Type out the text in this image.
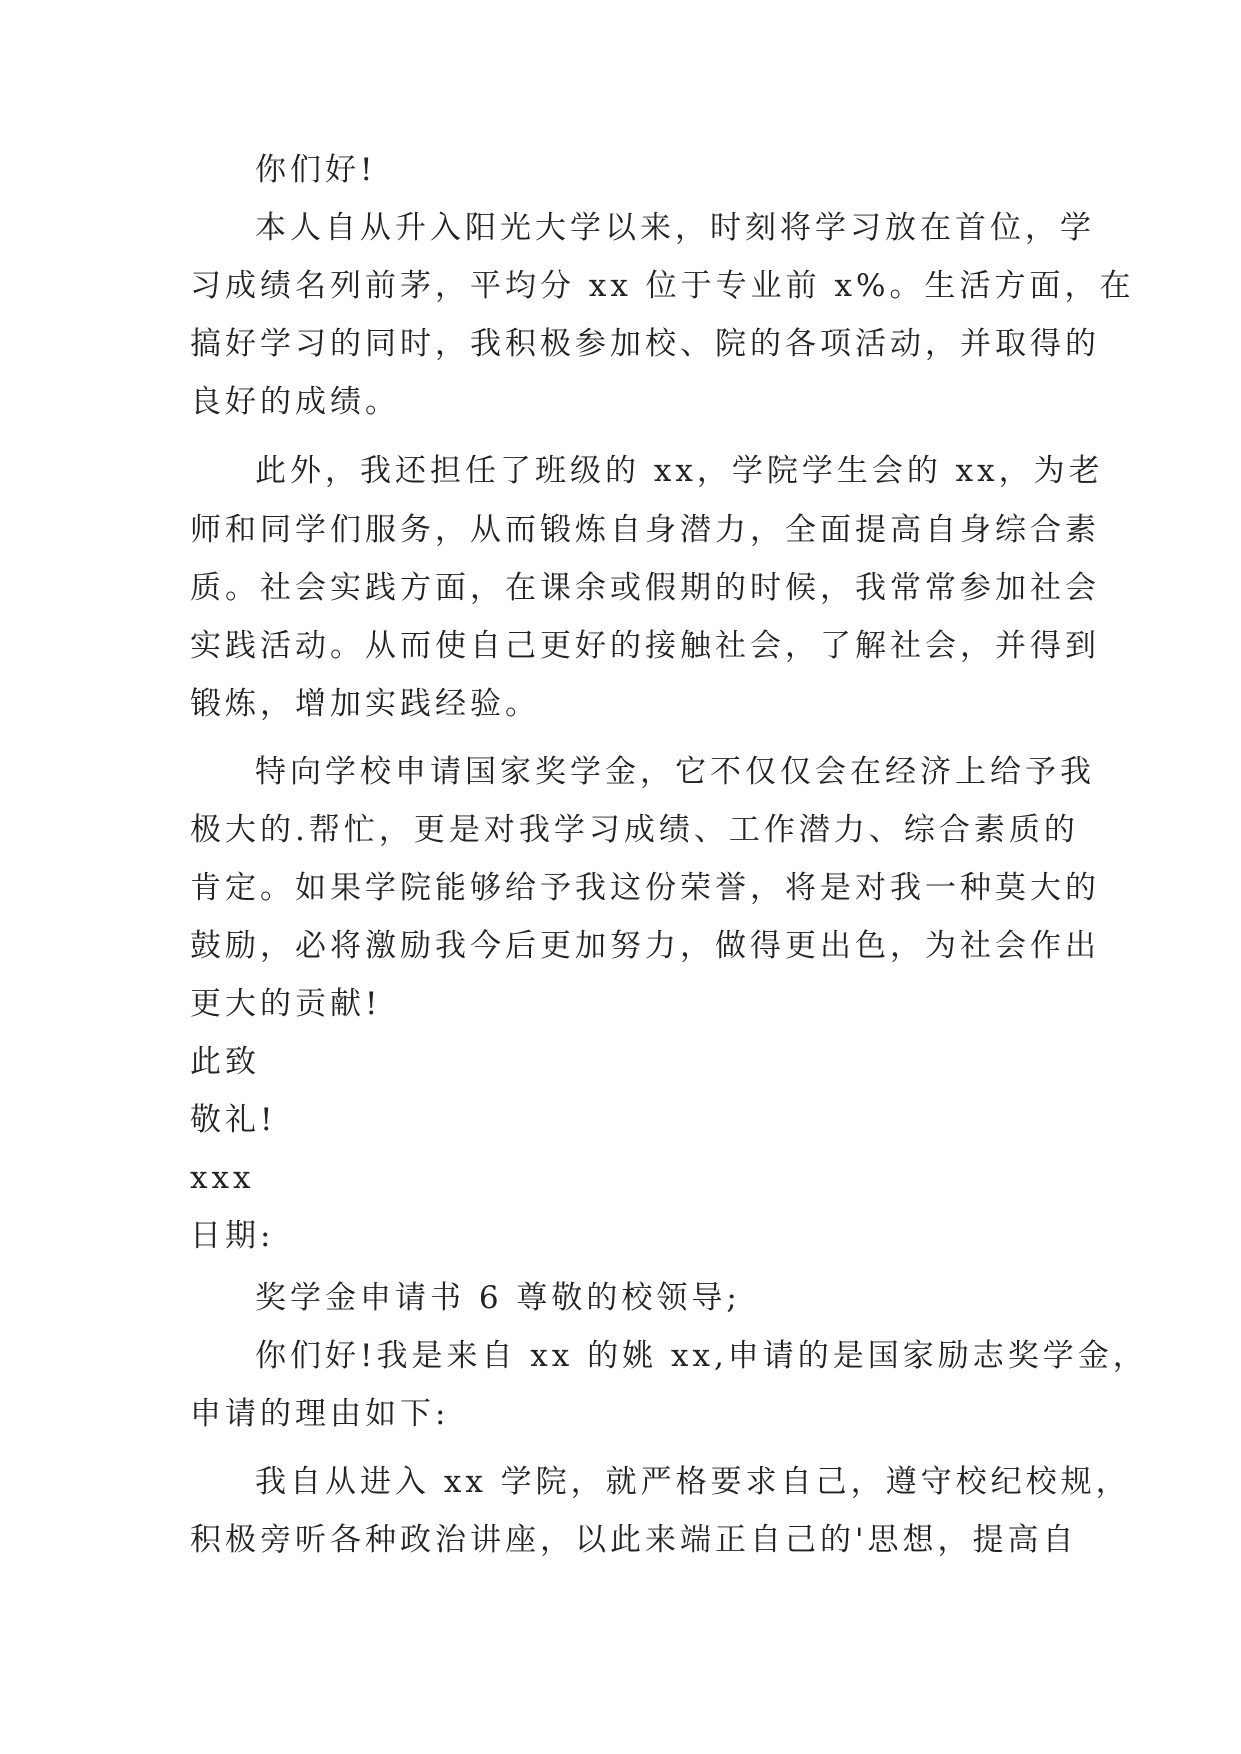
你们好!
本人自从升入阳光大学以来，时刻将学习放在首位，学
习成绩名列前茅，平均分 xx 位于专业前 x%。生活方面，在
搞好学习的同时，我积极参加校、院的各项活动，并取得的
良好的成绩。
此外，我还担任了班级的 xx，学院学生会的 xx，为老
师和同学们服务，从而锻炼自身潜力，全面提高自身综合素
质。社会实践方面，在课余或假期的时候，我常常参加社会
实践活动。从而使自己更好的接触社会，了解社会，并得到
锻炼，增加实践经验。
特向学校申请国家奖学金，它不仅仅会在经济上给予我
极大的.帮忙，更是对我学习成绩、工作潜力、综合素质的
肯定。如果学院能够给予我这份荣誉，将是对我一种莫大的
鼓励，必将激励我今后更加努力，做得更出色，为社会作出
更大的贡献!
此致
敬礼!
xxx
日期:
奖学金申请书 6 尊敬的校领导;
你们好!我是来自 xx 的姚 xx,申请的是国家励志奖学金，
申请的理由如下:
我自从进入 xx 学院，就严格要求自己，遵守校纪校规，
积极旁听各种政治讲座，以此来端正自己的'思想，提高自
